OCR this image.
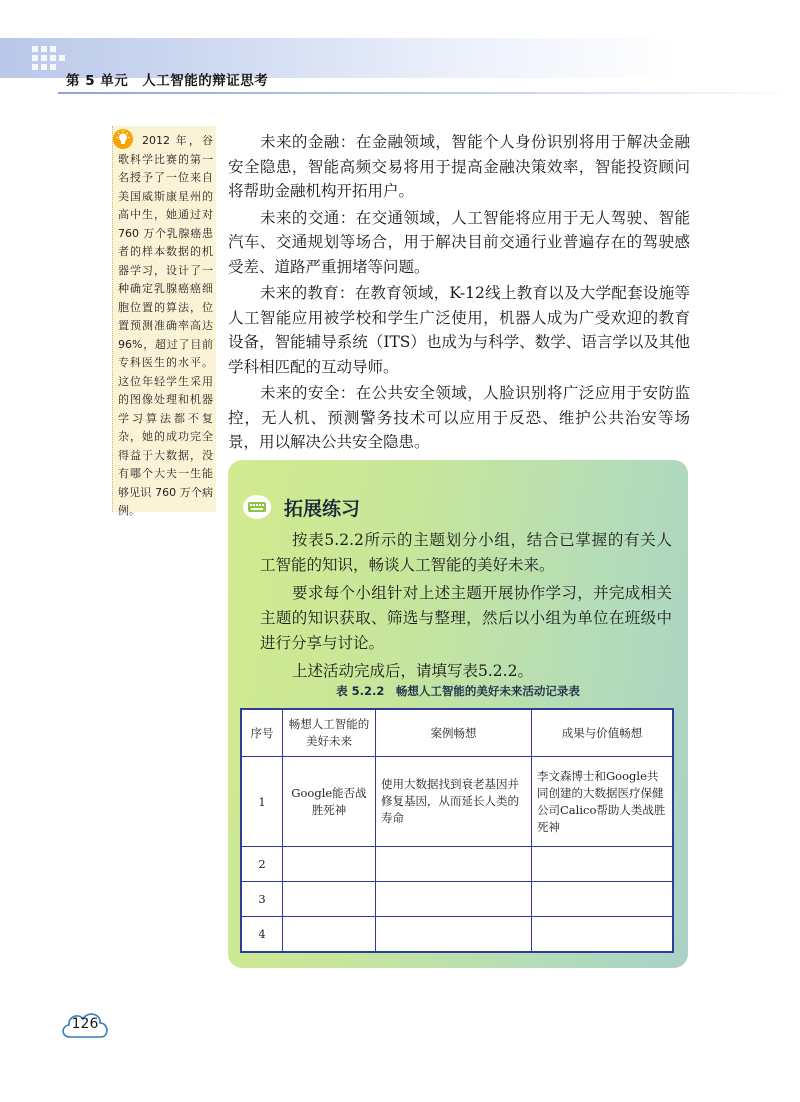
第 5 单元　人工智能的辩证思考

2012 年，谷歌科学比赛的第一名授予了一位来自美国威斯康星州的高中生，她通过对 760 万个乳腺癌患者的样本数据的机器学习，设计了一种确定乳腺癌癌细胞位置的算法，位置预测准确率高达 96%，超过了目前专科医生的水平。这位年轻学生采用的图像处理和机器学习算法都不复杂，她的成功完全得益于大数据，没有哪个大夫一生能够见识 760 万个病例。

未来的金融：在金融领域，智能个人身份识别将用于解决金融安全隐患，智能高频交易将用于提高金融决策效率，智能投资顾问将帮助金融机构开拓用户。

未来的交通：在交通领域，人工智能将应用于无人驾驶、智能汽车、交通规划等场合，用于解决目前交通行业普遍存在的驾驶感受差、道路严重拥堵等问题。

未来的教育：在教育领域，K-12线上教育以及大学配套设施等人工智能应用被学校和学生广泛使用，机器人成为广受欢迎的教育设备，智能辅导系统（ITS）也成为与科学、数学、语言学以及其他学科相匹配的互动导师。

未来的安全：在公共安全领域，人脸识别将广泛应用于安防监控，无人机、预测警务技术可以应用于反恐、维护公共治安等场景，用以解决公共安全隐患。

拓展练习

按表5.2.2所示的主题划分小组，结合已掌握的有关人工智能的知识，畅谈人工智能的美好未来。

要求每个小组针对上述主题开展协作学习，并完成相关主题的知识获取、筛选与整理，然后以小组为单位在班级中进行分享与讨论。

上述活动完成后，请填写表5.2.2。

表 5.2.2　畅想人工智能的美好未来活动记录表
序号	畅想人工智能的美好未来	案例畅想	成果与价值畅想
1	Google能否战胜死神	使用大数据找到衰老基因并修复基因，从而延长人类的寿命	李文森博士和Google共同创建的大数据医疗保健公司Calico帮助人类战胜死神
2			
3			
4			
126
